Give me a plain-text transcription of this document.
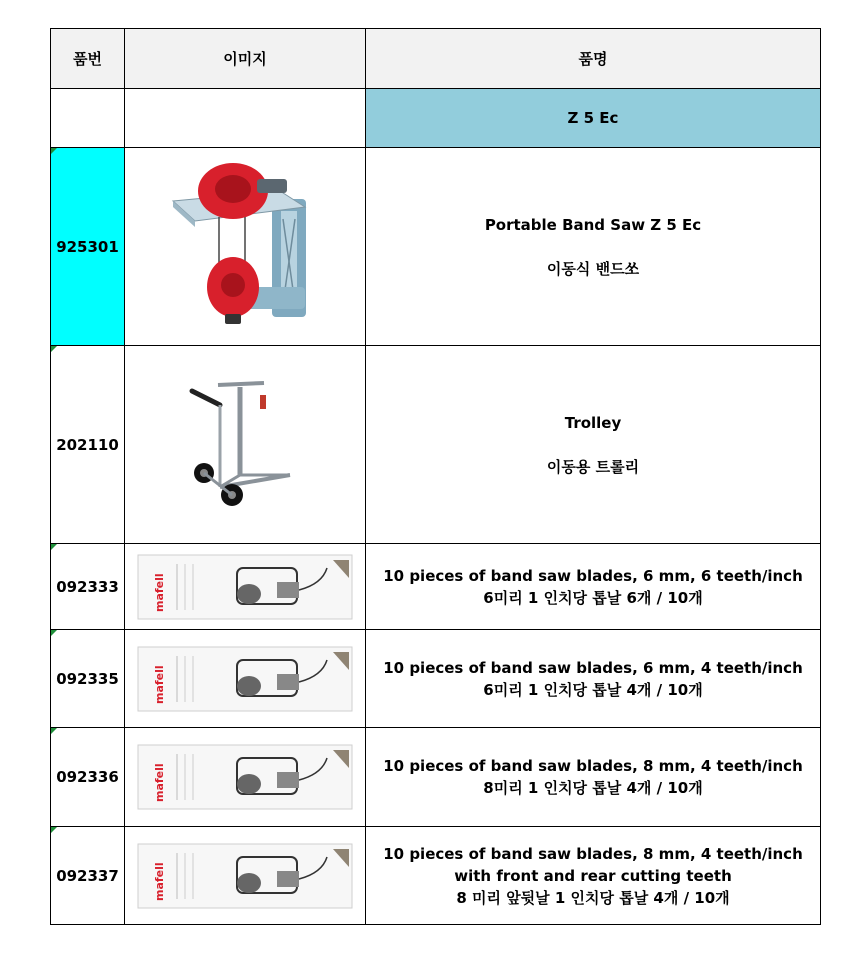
품번	이미지	품명
		Z 5 Ec

925301		Portable Band Saw Z 5 Ec
이동식 밴드쏘

202110		Trolley
이동용 트롤리

092333	mafell	10 pieces of band saw blades, 6 mm, 6 teeth/inch
6미리 1 인치당 톱날 6개 / 10개

092335	mafell	10 pieces of band saw blades, 6 mm, 4 teeth/inch
6미리 1 인치당 톱날 4개 / 10개

092336	mafell	10 pieces of band saw blades, 8 mm, 4 teeth/inch
8미리 1 인치당 톱날 4개 / 10개

092337	mafell	10 pieces of band saw blades, 8 mm, 4 teeth/inch
with front and rear cutting teeth
8 미리 앞뒷날 1 인치당 톱날 4개 / 10개
